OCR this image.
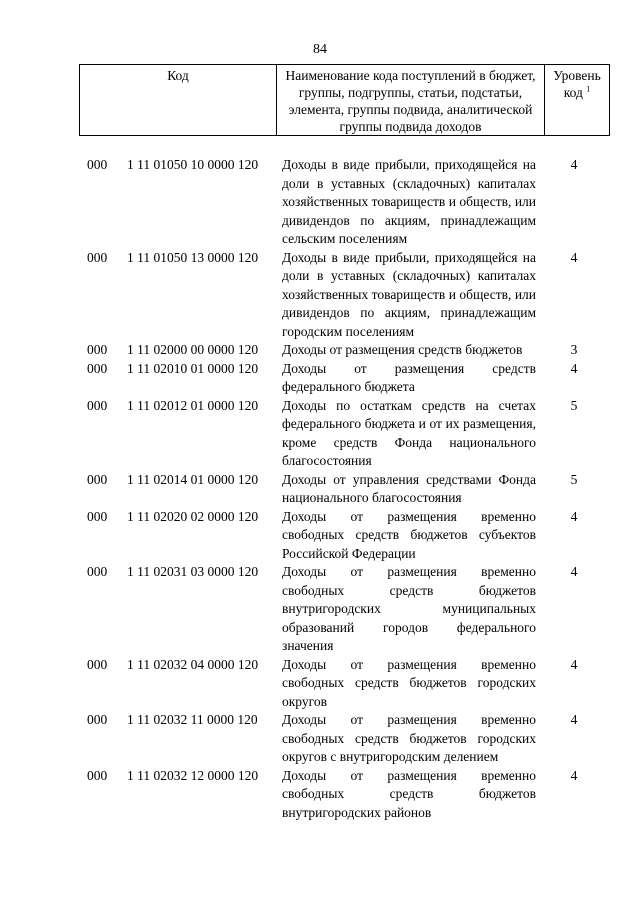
84
Код	Наименование кода поступлений в бюджет, группы, подгруппы, статьи, подстатьи, элемента, группы подвида, аналитической группы подвида доходов
Уровень код $^1$
000 1 11 01050 10 0000 120 Доходы в виде прибыли, приходящейся на доли в уставных (складочных) капиталах хозяйственных товариществ и обществ, или дивидендов по акциям, принадлежащим сельским поселениям
4
000 1 11 01050 13 0000 120 Доходы в виде прибыли, приходящейся на доли в уставных (складочных) капиталах хозяйственных товариществ и обществ, или дивидендов по акциям, принадлежащим городским поселениям
4
000 1 11 02000 00 0000 120 Доходы от размещения средств бюджетов	3
000 1 11 02010 01 0000 120 Доходы от размещения средств федерального бюджета
4
000 1 11 02012 01 0000 120 Доходы по остаткам средств на счетах федерального бюджета и от их размещения, кроме средств Фонда национального благосостояния
5
000 1 11 02014 01 0000 120 Доходы от управления средствами Фонда национального благосостояния
5
000 1 11 02020 02 0000 120 Доходы от размещения временно свободных средств бюджетов субъектов Российской Федерации
4
000 1 11 02031 03 0000 120 Доходы от размещения временно свободных средств бюджетов внутригородских муниципальных образований городов федерального значения
4
000 1 11 02032 04 0000 120 Доходы от размещения временно свободных средств бюджетов городских округов
4
000 1 11 02032 11 0000 120 Доходы от размещения временно свободных средств бюджетов городских округов с внутригородским делением
4
000 1 11 02032 12 0000 120 Доходы от размещения временно свободных средств бюджетов внутригородских районов
4
